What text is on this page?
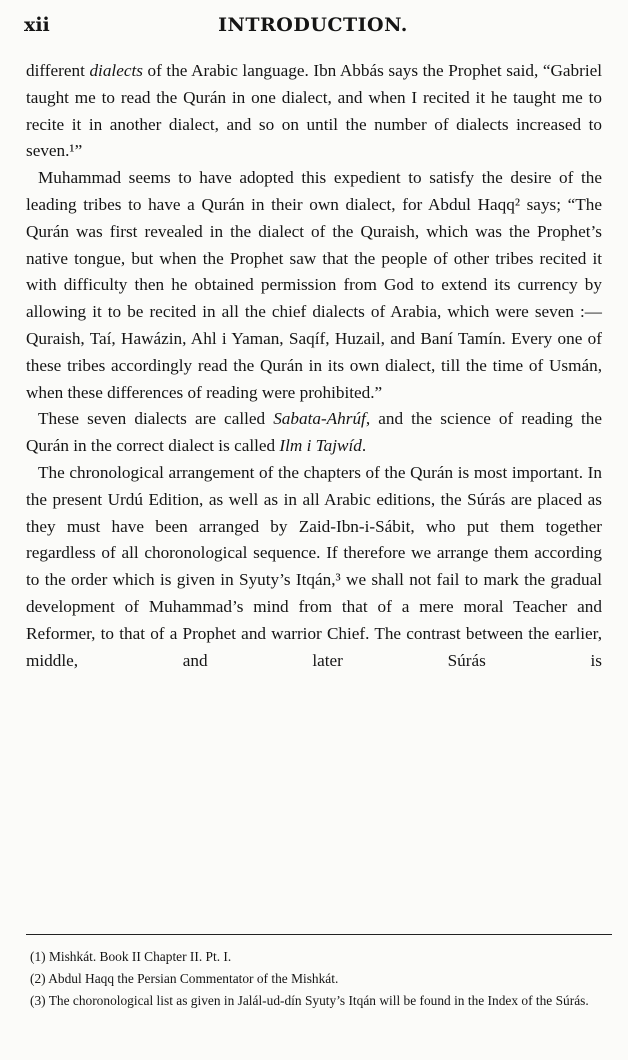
xii	INTRODUCTION.

different dialects of the Arabic language. Ibn Abbás says the Prophet said, “Gabriel taught me to read the Qurán in one dialect, and when I recited it he taught me to recite it in another dialect, and so on until the number of dialects increased to seven.¹”

Muhammad seems to have adopted this expedient to satisfy the desire of the leading tribes to have a Qurán in their own dialect, for Abdul Haqq² says; “The Qurán was first revealed in the dialect of the Quraish, which was the Prophet’s native tongue, but when the Prophet saw that the people of other tribes recited it with difficulty then he obtained permission from God to extend its currency by allowing it to be recited in all the chief dialects of Arabia, which were seven :—Quraish, Taí, Hawázin, Ahl i Yaman, Saqíf, Huzail, and Baní Tamín. Every one of these tribes accordingly read the Qurán in its own dialect, till the time of Usmán, when these differences of reading were prohibited.”

These seven dialects are called Sabata-Ahrúf, and the science of reading the Qurán in the correct dialect is called Ilm i Tajwíd.

The chronological arrangement of the chapters of the Qurán is most important. In the present Urdú Edition, as well as in all Arabic editions, the Súrás are placed as they must have been arranged by Zaid-Ibn-i-Sábit, who put them together regardless of all choronological sequence. If therefore we arrange them according to the order which is given in Syuty’s Itqán,³ we shall not fail to mark the gradual development of Muhammad’s mind from that of a mere moral Teacher and Reformer, to that of a Prophet and warrior Chief. The contrast between the earlier, middle, and later Súrás is

(1) Mishkát. Book II Chapter II. Pt. I.

(2) Abdul Haqq the Persian Commentator of the Mishkát.

(3) The choronological list as given in Jalál-ud-dín Syuty’s Itqán will be found in the Index of the Súrás.
